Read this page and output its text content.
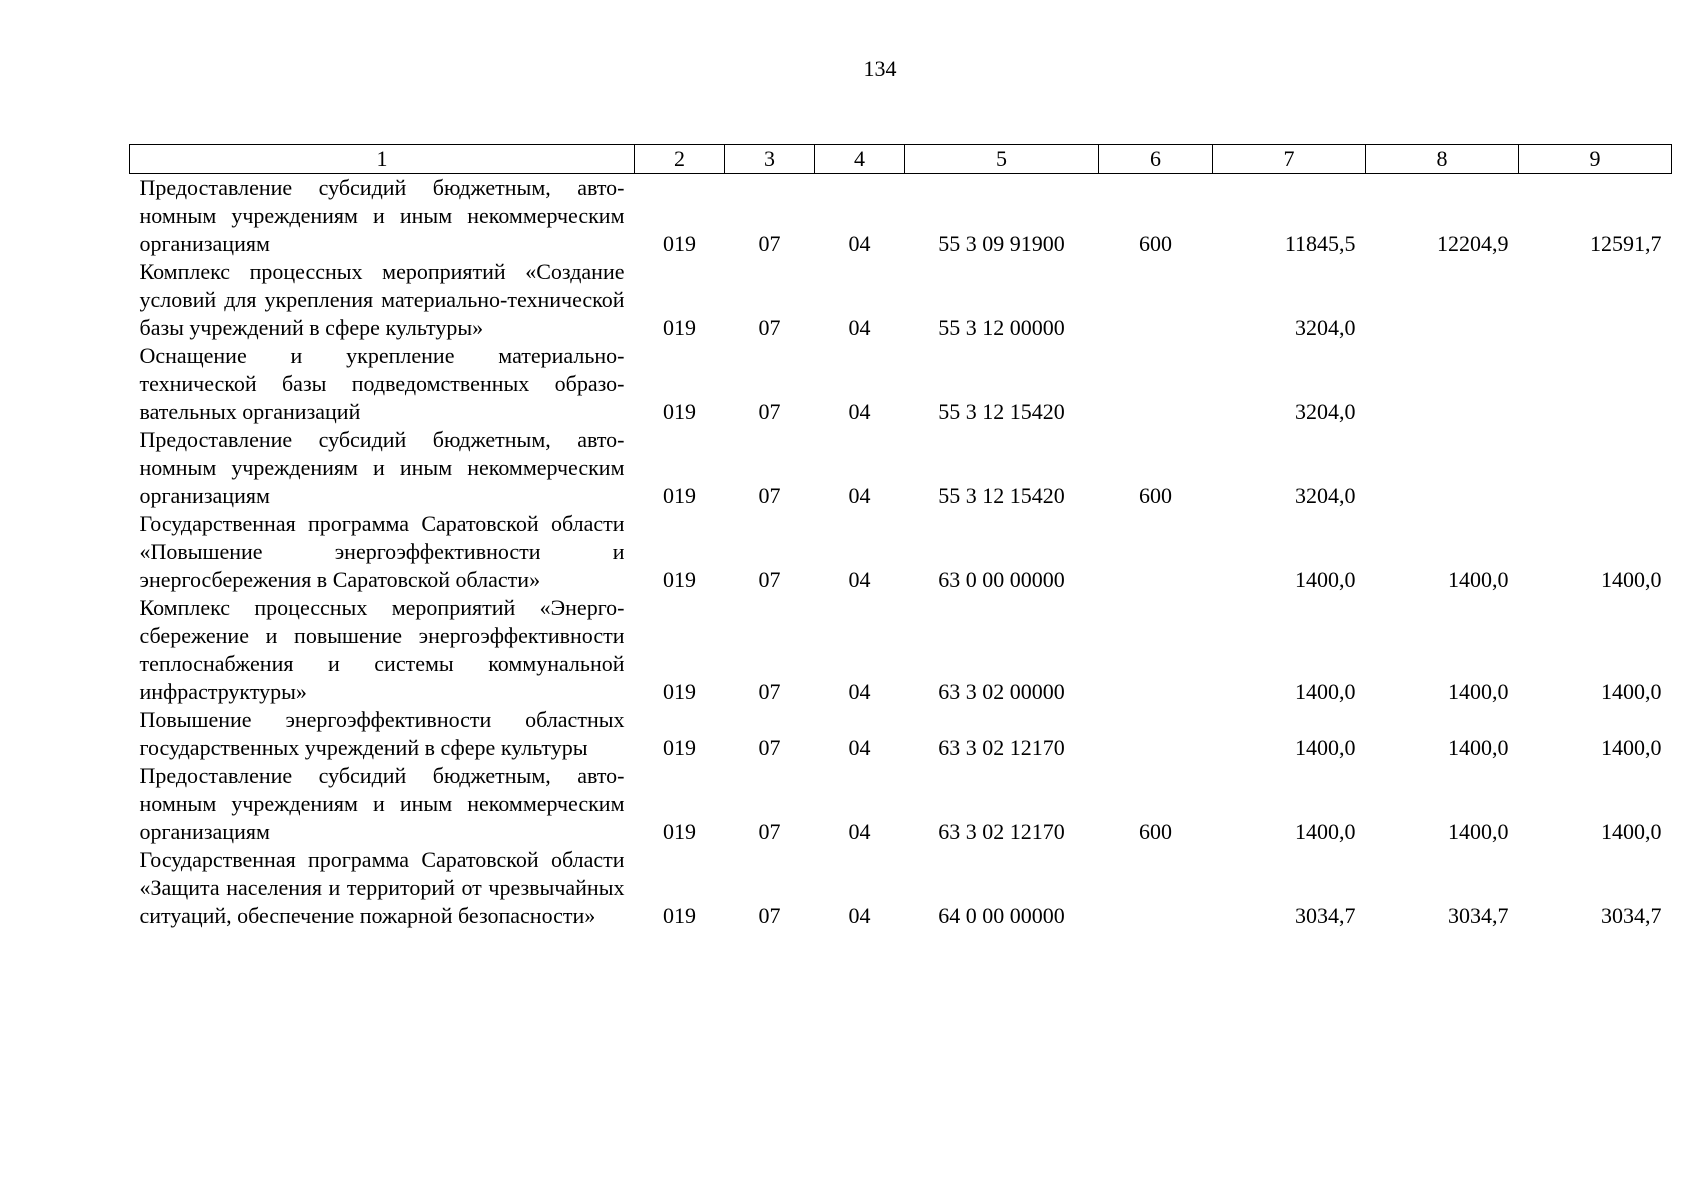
134
1	2	3	4	5	6	7	8	9
Предоставление субсидий бюджетным, автономным учреждениям и иным некоммерческим организациям	019	07	04	55 3 09 91900	600	11845,5	12204,9	12591,7
Комплекс процессных мероприятий «Создание условий для укрепления материально-технической базы учреждений в сфере культуры»	019	07	04	55 3 12 00000		3204,0		
Оснащение и укрепление материально-технической базы подведомственных образовательных организаций	019	07	04	55 3 12 15420		3204,0		
Предоставление субсидий бюджетным, автономным учреждениям и иным некоммерческим организациям	019	07	04	55 3 12 15420	600	3204,0		
Государственная программа Саратовской области «Повышение энергоэффективности и энергосбережения в Саратовской области»	019	07	04	63 0 00 00000		1400,0	1400,0	1400,0
Комплекс процессных мероприятий «Энергосбережение и повышение энергоэффективности теплоснабжения и системы коммунальной инфраструктуры»	019	07	04	63 3 02 00000		1400,0	1400,0	1400,0
Повышение энергоэффективности областных государственных учреждений в сфере культуры	019	07	04	63 3 02 12170		1400,0	1400,0	1400,0
Предоставление субсидий бюджетным, автономным учреждениям и иным некоммерческим организациям	019	07	04	63 3 02 12170	600	1400,0	1400,0	1400,0
Государственная программа Саратовской области «Защита населения и территорий от чрезвычайных ситуаций, обеспечение пожарной безопасности»	019	07	04	64 0 00 00000		3034,7	3034,7	3034,7
